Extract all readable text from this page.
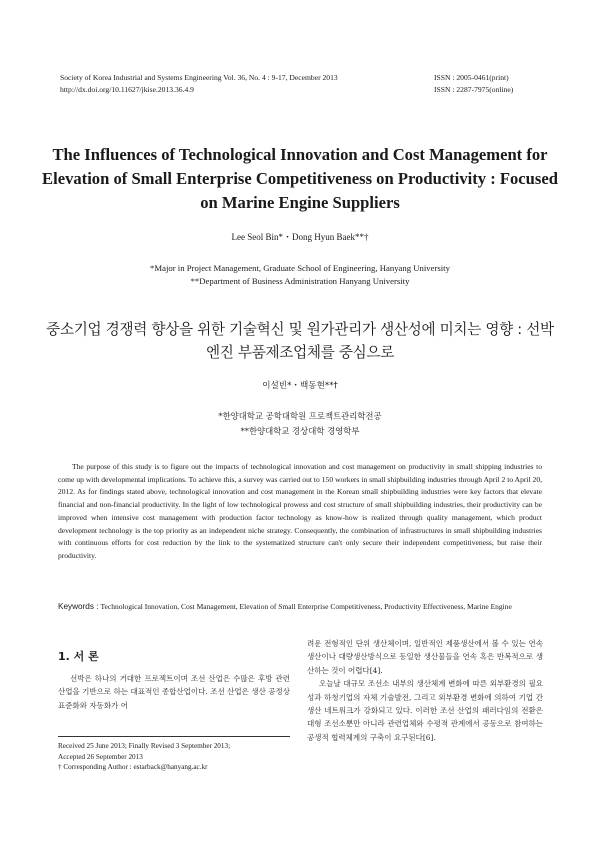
Society of Korea Industrial and Systems Engineering Vol. 36, No. 4 : 9-17, December 2013	ISSN : 2005-0461(print)
http://dx.doi.org/10.11627/jkise.2013.36.4.9	ISSN : 2287-7975(online)
The Influences of Technological Innovation and Cost Management for Elevation of Small Enterprise Competitiveness on Productivity : Focused on Marine Engine Suppliers
Lee Seol Bin*・Dong Hyun Baek**†
*Major in Project Management, Graduate School of Engineering, Hanyang University
**Department of Business Administration Hanyang University
중소기업 경쟁력 향상을 위한 기술혁신 및 원가관리가 생산성에 미치는 영향 : 선박엔진 부품제조업체를 중심으로
이설빈*・백동현**†
*한양대학교 공학대학원 프로젝트관리학전공
**한양대학교 경상대학 경영학부
The purpose of this study is to figure out the impacts of technological innovation and cost management on productivity in small shipping industries to come up with developmental implications. To achieve this, a survey was carried out to 150 workers in small shipbuilding industries through April 2 to April 20, 2012. As for findings stated above, technological innovation and cost management in the Korean small shipbuilding industries were key factors that elevate financial and non-financial productivity. In the light of low technological prowess and cost structure of small shipbuilding industries, their productivity can be improved when intensive cost management with production factor technology as know-how is realized through quality management, which product development technology is the top priority as an independent niche strategy. Consequently, the combination of infrastructures in small shipbuilding industries with continuous efforts for cost reduction by the link to the systematized structure can't only secure their independent competitiveness, but raise their productivity.
Keywords : Technological Innovation, Cost Management, Elevation of Small Enterprise Competitiveness, Productivity Effectiveness, Marine Engine
1. 서 론
선박은 하나의 거대한 프로젝트이며 조선 산업은 수많은 후방 관련 산업을 기반으로 하는 대표적인 종합산업이다. 조선 산업은 생산 공정상 표준화와 자동화가 어

려운 전형적인 단위 생산체이며, 일반적인 제품생산에서 볼 수 있는 연속생산이나 대량생산방식으로 동일한 생산물들을 연속 혹은 반복적으로 생산하는 것이 어렵다[4].

오늘날 대규모 조선소 내부의 생산체계 변화에 따른 외부환경의 필요성과 하청기업의 자체 기술발전, 그리고 외부환경 변화에 의하여 기업 간 생산 네트워크가 강화되고 있다. 이러한 조선 산업의 패러다임의 전환은 대형 조선소뿐만 아니라 관련업체와 수평적 관계에서 공동으로 참여하는 공생적 협력체계의 구축이 요구된다[6].

Received 25 June 2013; Finally Revised 3 September 2013;
Accepted 26 September 2013
† Corresponding Author : estarback@hanyang.ac.kr
